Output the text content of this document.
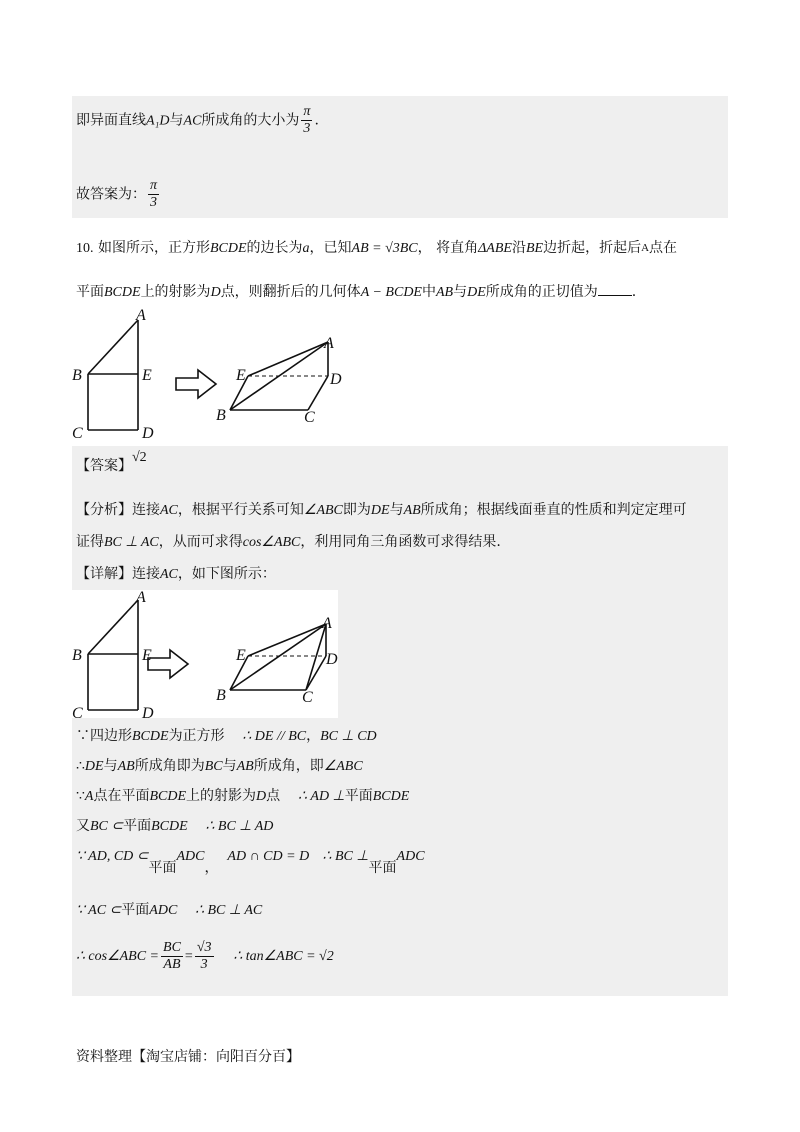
即异面直线A₁D与AC所成角的大小为 $\frac{\pi}{3}$ .
故答案为： $\frac{\pi}{3}$
10. 如图所示，正方形BCDE的边长为a，已知AB = √3BC， 将直角ΔABE沿BE边折起，折起后$^A$点在
平面BCDE上的射影为D点，则翻折后的几何体A − BCDE中AB与DE所成角的正切值为 .
A
B	E
C	D
E
A
D
B	C
【答案】√2
【分析】连接AC，根据平行关系可知∠ABC即为DE与AB所成角；根据线面垂直的性质和判定定理可
证得BC ⊥ AC，从而可求得cos∠ABC，利用同角三角函数可求得结果.
【详解】连接AC，如下图所示：
A
B	E
C	D
E
A
D
B	C
∵四边形BCDE为正方形 ∴ DE // BC，BC ⊥ CD
∴DE与AB所成角即为BC与AB所成角，即∠ABC
∵A点在平面BCDE上的射影为D点 ∴ AD ⊥平面BCDE
又BC ⊂平面BCDE ∴ BC ⊥ AD
∵ AD, CD ⊂平面ADC，  AD ∩ CD = D ∴ BC ⊥平面ADC
∵ AC ⊂平面ADC ∴ BC ⊥ AC
∴ cos∠ABC = $\frac{BC}{AB} = \frac{√3}{3}$ ∴ tan∠ABC = √2
资料整理【淘宝店铺：向阳百分百】
